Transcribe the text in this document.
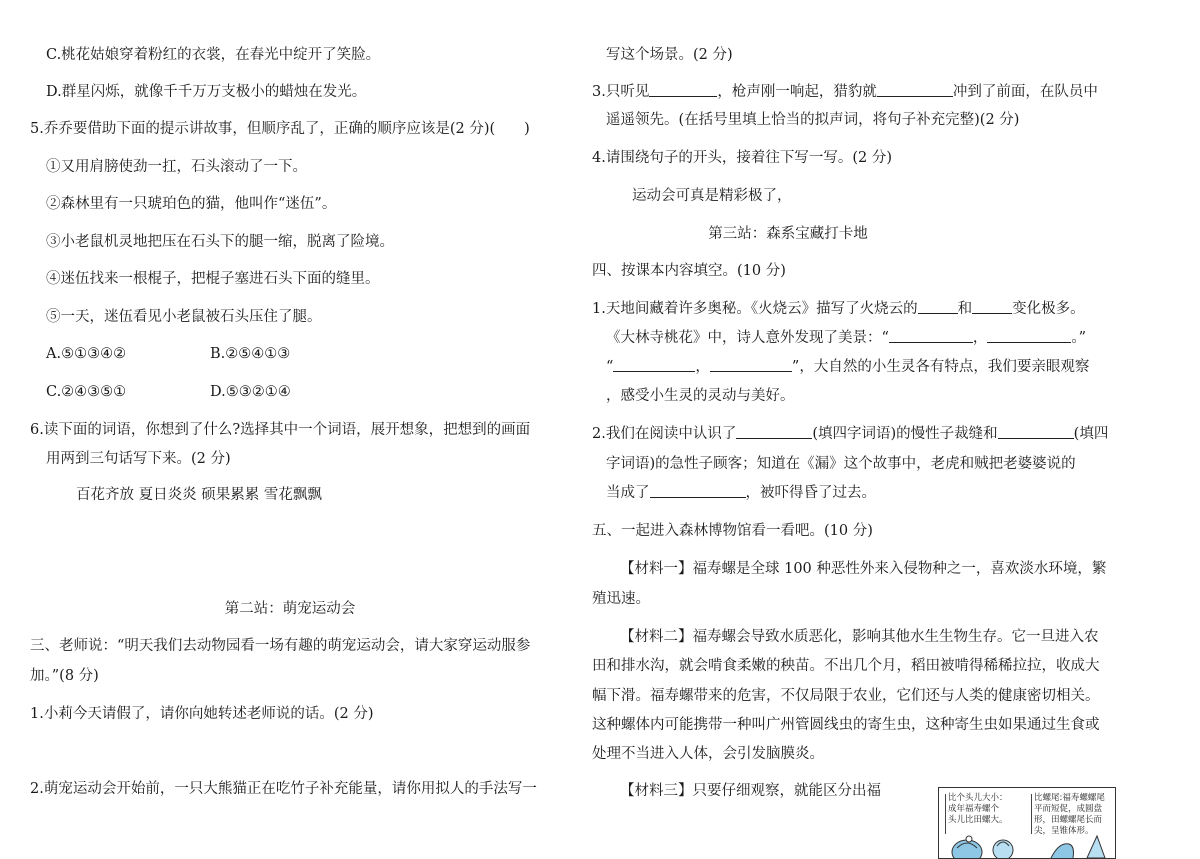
C.桃花姑娘穿着粉红的衣裳，在春光中绽开了笑脸。
D.群星闪烁，就像千千万万支极小的蜡烛在发光。
5.乔乔要借助下面的提示讲故事，但顺序乱了，正确的顺序应该是(2 分)(　　)
①又用肩膀使劲一扛，石头滚动了一下。
②森林里有一只琥珀色的猫，他叫作“迷伍”。
③小老鼠机灵地把压在石头下的腿一缩，脱离了险境。
④迷伍找来一根棍子，把棍子塞进石头下面的缝里。
⑤一天，迷伍看见小老鼠被石头压住了腿。
A.⑤①③④②	B.②⑤④①③
C.②④③⑤①	D.⑤③②①④
6.读下面的词语，你想到了什么?选择其中一个词语，展开想象，把想到的画面
用两到三句话写下来。(2 分)
百花齐放 夏日炎炎 硕果累累 雪花飘飘
第二站：萌宠运动会
三、老师说：“明天我们去动物园看一场有趣的萌宠运动会，请大家穿运动服参
加。”(8 分)
1.小莉今天请假了，请你向她转述老师说的话。(2 分)
2.萌宠运动会开始前，一只大熊猫正在吃竹子补充能量，请你用拟人的手法写一
写这个场景。(2 分)
3.只听见	，枪声刚一响起，猎豹就	冲到了前面，在队员中
遥遥领先。(在括号里填上恰当的拟声词，将句子补充完整)(2 分)
4.请围绕句子的开头，接着往下写一写。(2 分)
运动会可真是精彩极了，
第三站：森系宝藏打卡地
四、按课本内容填空。(10 分)
1.天地间藏着许多奥秘。《火烧云》描写了火烧云的	和	变化极多。
《大林寺桃花》中，诗人意外发现了美景：“	，	。”
“	，	”，大自然的小生灵各有特点，我们要亲眼观察
，感受小生灵的灵动与美好。
2.我们在阅读中认识了	(填四字词语)的慢性子裁缝和	(填四
字词语)的急性子顾客；知道在《漏》这个故事中，老虎和贼把老婆婆说的
当成了	，被吓得昏了过去。
五、一起进入森林博物馆看一看吧。(10 分)
【材料一】福寿螺是全球 100 种恶性外来入侵物种之一，喜欢淡水环境，繁
殖迅速。
【材料二】福寿螺会导致水质恶化，影响其他水生生物生存。它一旦进入农
田和排水沟，就会啃食柔嫩的秧苗。不出几个月，稻田被啃得稀稀拉拉，收成大
幅下滑。福寿螺带来的危害，不仅局限于农业，它们还与人类的健康密切相关。
这种螺体内可能携带一种叫广州管圆线虫的寄生虫，这种寄生虫如果通过生食或
处理不当进入人体，会引发脑膜炎。
【材料三】只要仔细观察，就能区分出福	比个头儿大小：
成年福寿螺个
头儿比田螺大。
比螺尾:福寿螺螺尾
平而短促，成圆盘
形，田螺螺尾长而
尖，呈锥体形。
